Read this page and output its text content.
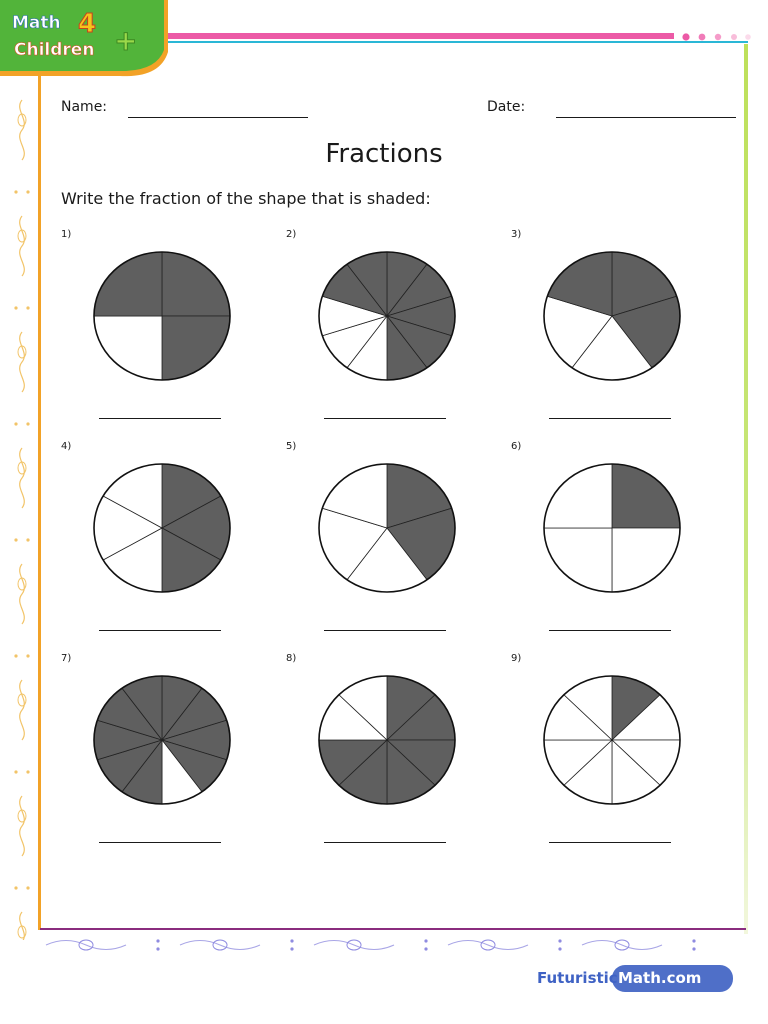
Math 4
Children +
Name:	Date:
Fractions
Write the fraction of the shape that is shaded:
1)	2)	3)
4)	5)	6)
7)	8)	9)
Futuristic Math.com
